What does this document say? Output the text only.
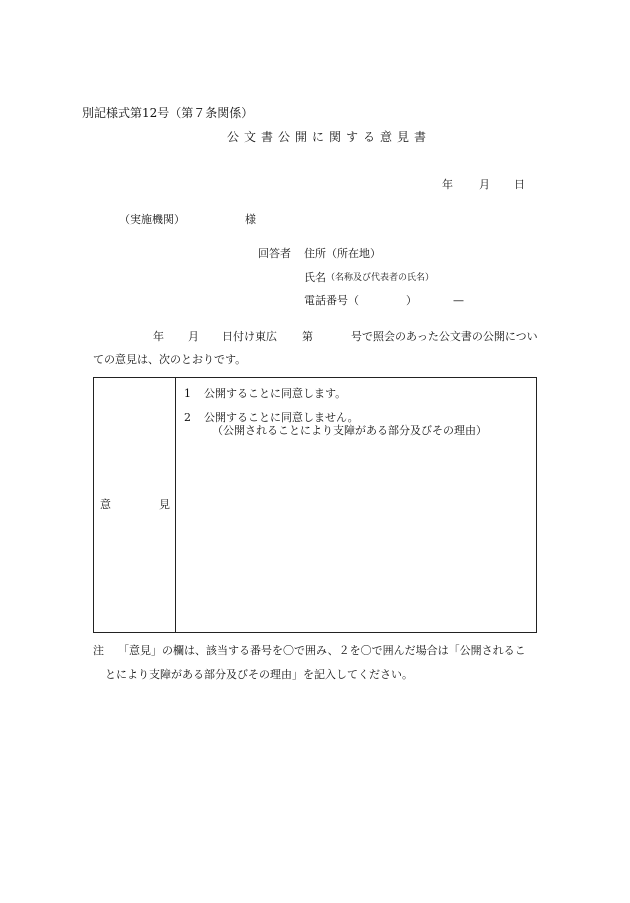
別記様式第12号（第７条関係）
公文書公開に関する意見書
年 月 日
（実施機関）	様
回答者 住所（所在地）
氏名 （名称及び代表者の氏名）
電話番号（	）	—
年 月 日付け東広 第	号で照会のあった公文書の公開につい
ての意見は、次のとおりです。
意	見
1 公開することに同意します。
2 公開することに同意しません。
（公開されることにより支障がある部分及びその理由）
注 「意見」の欄は、該当する番号を〇で囲み、２を〇で囲んだ場合は「公開されるこ
とにより支障がある部分及びその理由」を記入してください。
